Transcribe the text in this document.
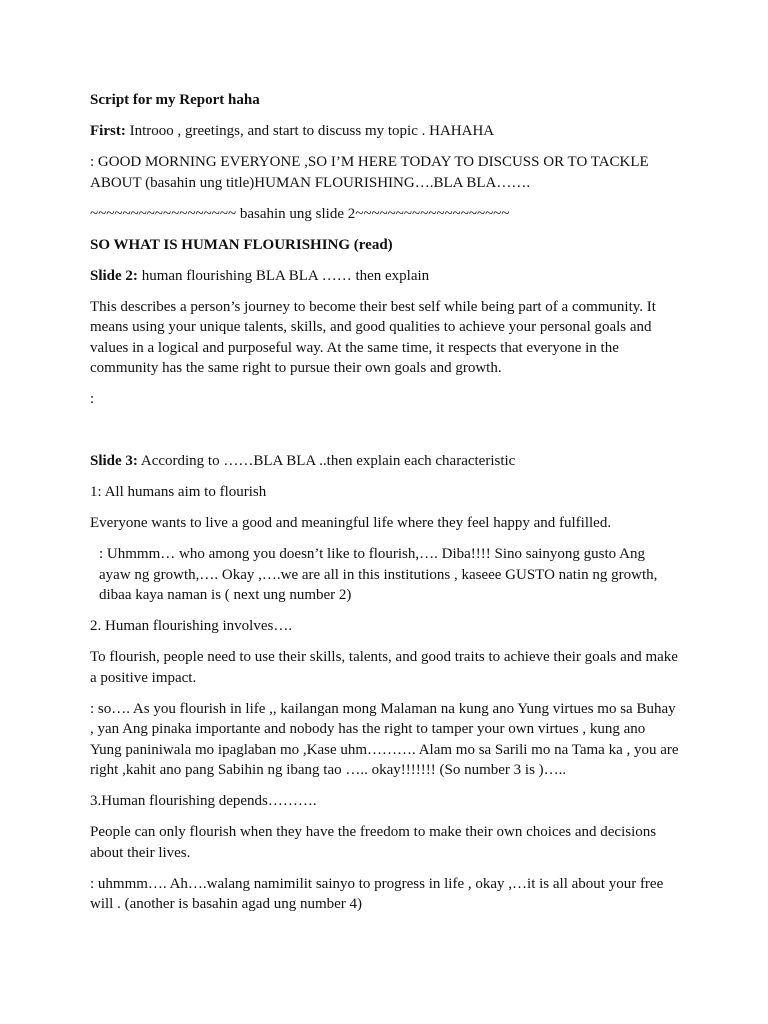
Script for my Report haha

First: Introoo , greetings, and start to discuss my topic . HAHAHA

: GOOD MORNING EVERYONE ,SO I’M HERE TODAY TO DISCUSS OR TO TACKLE ABOUT (basahin ung title)HUMAN FLOURISHING….BLA BLA…….

~~~~~~~~~~~~~~~~~~ basahin ung slide 2~~~~~~~~~~~~~~~~~~~

SO WHAT IS HUMAN FLOURISHING (read)

Slide 2: human flourishing BLA BLA …… then explain

This describes a person’s journey to become their best self while being part of a community. It means using your unique talents, skills, and good qualities to achieve your personal goals and values in a logical and purposeful way. At the same time, it respects that everyone in the community has the same right to pursue their own goals and growth.

:

Slide 3: According to ……BLA BLA ..then explain each characteristic

1: All humans aim to flourish

Everyone wants to live a good and meaningful life where they feel happy and fulfilled.

: Uhmmm… who among you doesn’t like to flourish,…. Diba!!!! Sino sainyong gusto Ang ayaw ng growth,…. Okay ,….we are all in this institutions , kaseee GUSTO natin ng growth, dibaa kaya naman is ( next ung number 2)

2. Human flourishing involves….

To flourish, people need to use their skills, talents, and good traits to achieve their goals and make a positive impact.

: so…. As you flourish in life ,, kailangan mong Malaman na kung ano Yung virtues mo sa Buhay , yan Ang pinaka importante and nobody has the right to tamper your own virtues , kung ano Yung paniniwala mo ipaglaban mo ,Kase uhm………. Alam mo sa Sarili mo na Tama ka , you are right ,kahit ano pang Sabihin ng ibang tao ….. okay!!!!!!! (So number 3 is )…..

3.Human flourishing depends……….

People can only flourish when they have the freedom to make their own choices and decisions about their lives.

: uhmmm…. Ah….walang namimilit sainyo to progress in life , okay ,…it is all about your free will . (another is basahin agad ung number 4)
